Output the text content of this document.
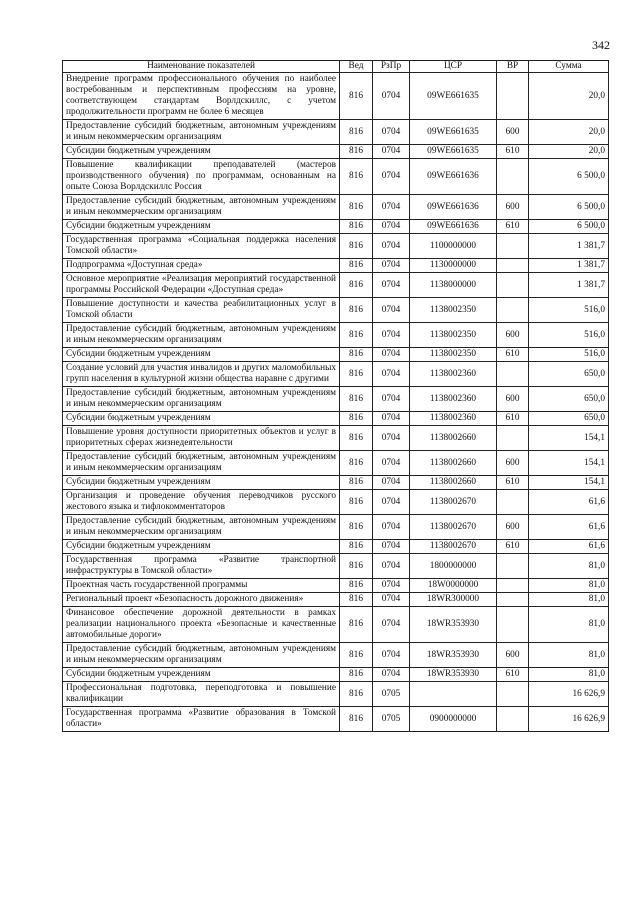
342
Наименование показателей	Вед	РзПр	ЦСР	ВР	Сумма
Внедрение программ профессионального обучения по наиболее востребованным и перспективным профессиям на уровне, соответствующем стандартам Ворлдскиллс, с учетом продолжительности программ не более 6 месяцев	816	0704	09WE661635		20,0
Предоставление субсидий бюджетным, автономным учреждениям и иным некоммерческим организациям	816	0704	09WE661635	600	20,0
Субсидии бюджетным учреждениям	816	0704	09WE661635	610	20,0
Повышение квалификации преподавателей (мастеров производственного обучения) по программам, основанным на опыте Союза Ворлдскиллс Россия	816	0704	09WE661636		6 500,0
Предоставление субсидий бюджетным, автономным учреждениям и иным некоммерческим организациям	816	0704	09WE661636	600	6 500,0
Субсидии бюджетным учреждениям	816	0704	09WE661636	610	6 500,0
Государственная программа «Социальная поддержка населения Томской области»	816	0704	1100000000		1 381,7
Подпрограмма «Доступная среда»	816	0704	1130000000		1 381,7
Основное мероприятие «Реализация мероприятий государственной программы Российской Федерации «Доступная среда»	816	0704	1138000000		1 381,7
Повышение доступности и качества реабилитационных услуг в Томской области	816	0704	1138002350		516,0
Предоставление субсидий бюджетным, автономным учреждениям и иным некоммерческим организациям	816	0704	1138002350	600	516,0
Субсидии бюджетным учреждениям	816	0704	1138002350	610	516,0
Создание условий для участия инвалидов и других маломобильных групп населения в культурной жизни общества наравне с другими	816	0704	1138002360		650,0
Предоставление субсидий бюджетным, автономным учреждениям и иным некоммерческим организациям	816	0704	1138002360	600	650,0
Субсидии бюджетным учреждениям	816	0704	1138002360	610	650,0
Повышение уровня доступности приоритетных объектов и услуг в приоритетных сферах жизнедеятельности	816	0704	1138002660		154,1
Предоставление субсидий бюджетным, автономным учреждениям и иным некоммерческим организациям	816	0704	1138002660	600	154,1
Субсидии бюджетным учреждениям	816	0704	1138002660	610	154,1
Организация и проведение обучения переводчиков русского жестового языка и тифлокомментаторов	816	0704	1138002670		61,6
Предоставление субсидий бюджетным, автономным учреждениям и иным некоммерческим организациям	816	0704	1138002670	600	61,6
Субсидии бюджетным учреждениям	816	0704	1138002670	610	61,6
Государственная программа «Развитие транспортной инфраструктуры в Томской области»	816	0704	1800000000		81,0
Проектная часть государственной программы	816	0704	18W0000000		81,0
Региональный проект «Безопасность дорожного движения»	816	0704	18WR300000		81,0
Финансовое обеспечение дорожной деятельности в рамках реализации национального проекта «Безопасные и качественные автомобильные дороги»	816	0704	18WR353930		81,0
Предоставление субсидий бюджетным, автономным учреждениям и иным некоммерческим организациям	816	0704	18WR353930	600	81,0
Субсидии бюджетным учреждениям	816	0704	18WR353930	610	81,0
Профессиональная подготовка, переподготовка и повышение квалификации	816	0705			16 626,9
Государственная программа «Развитие образования в Томской области»	816	0705	0900000000		16 626,9
